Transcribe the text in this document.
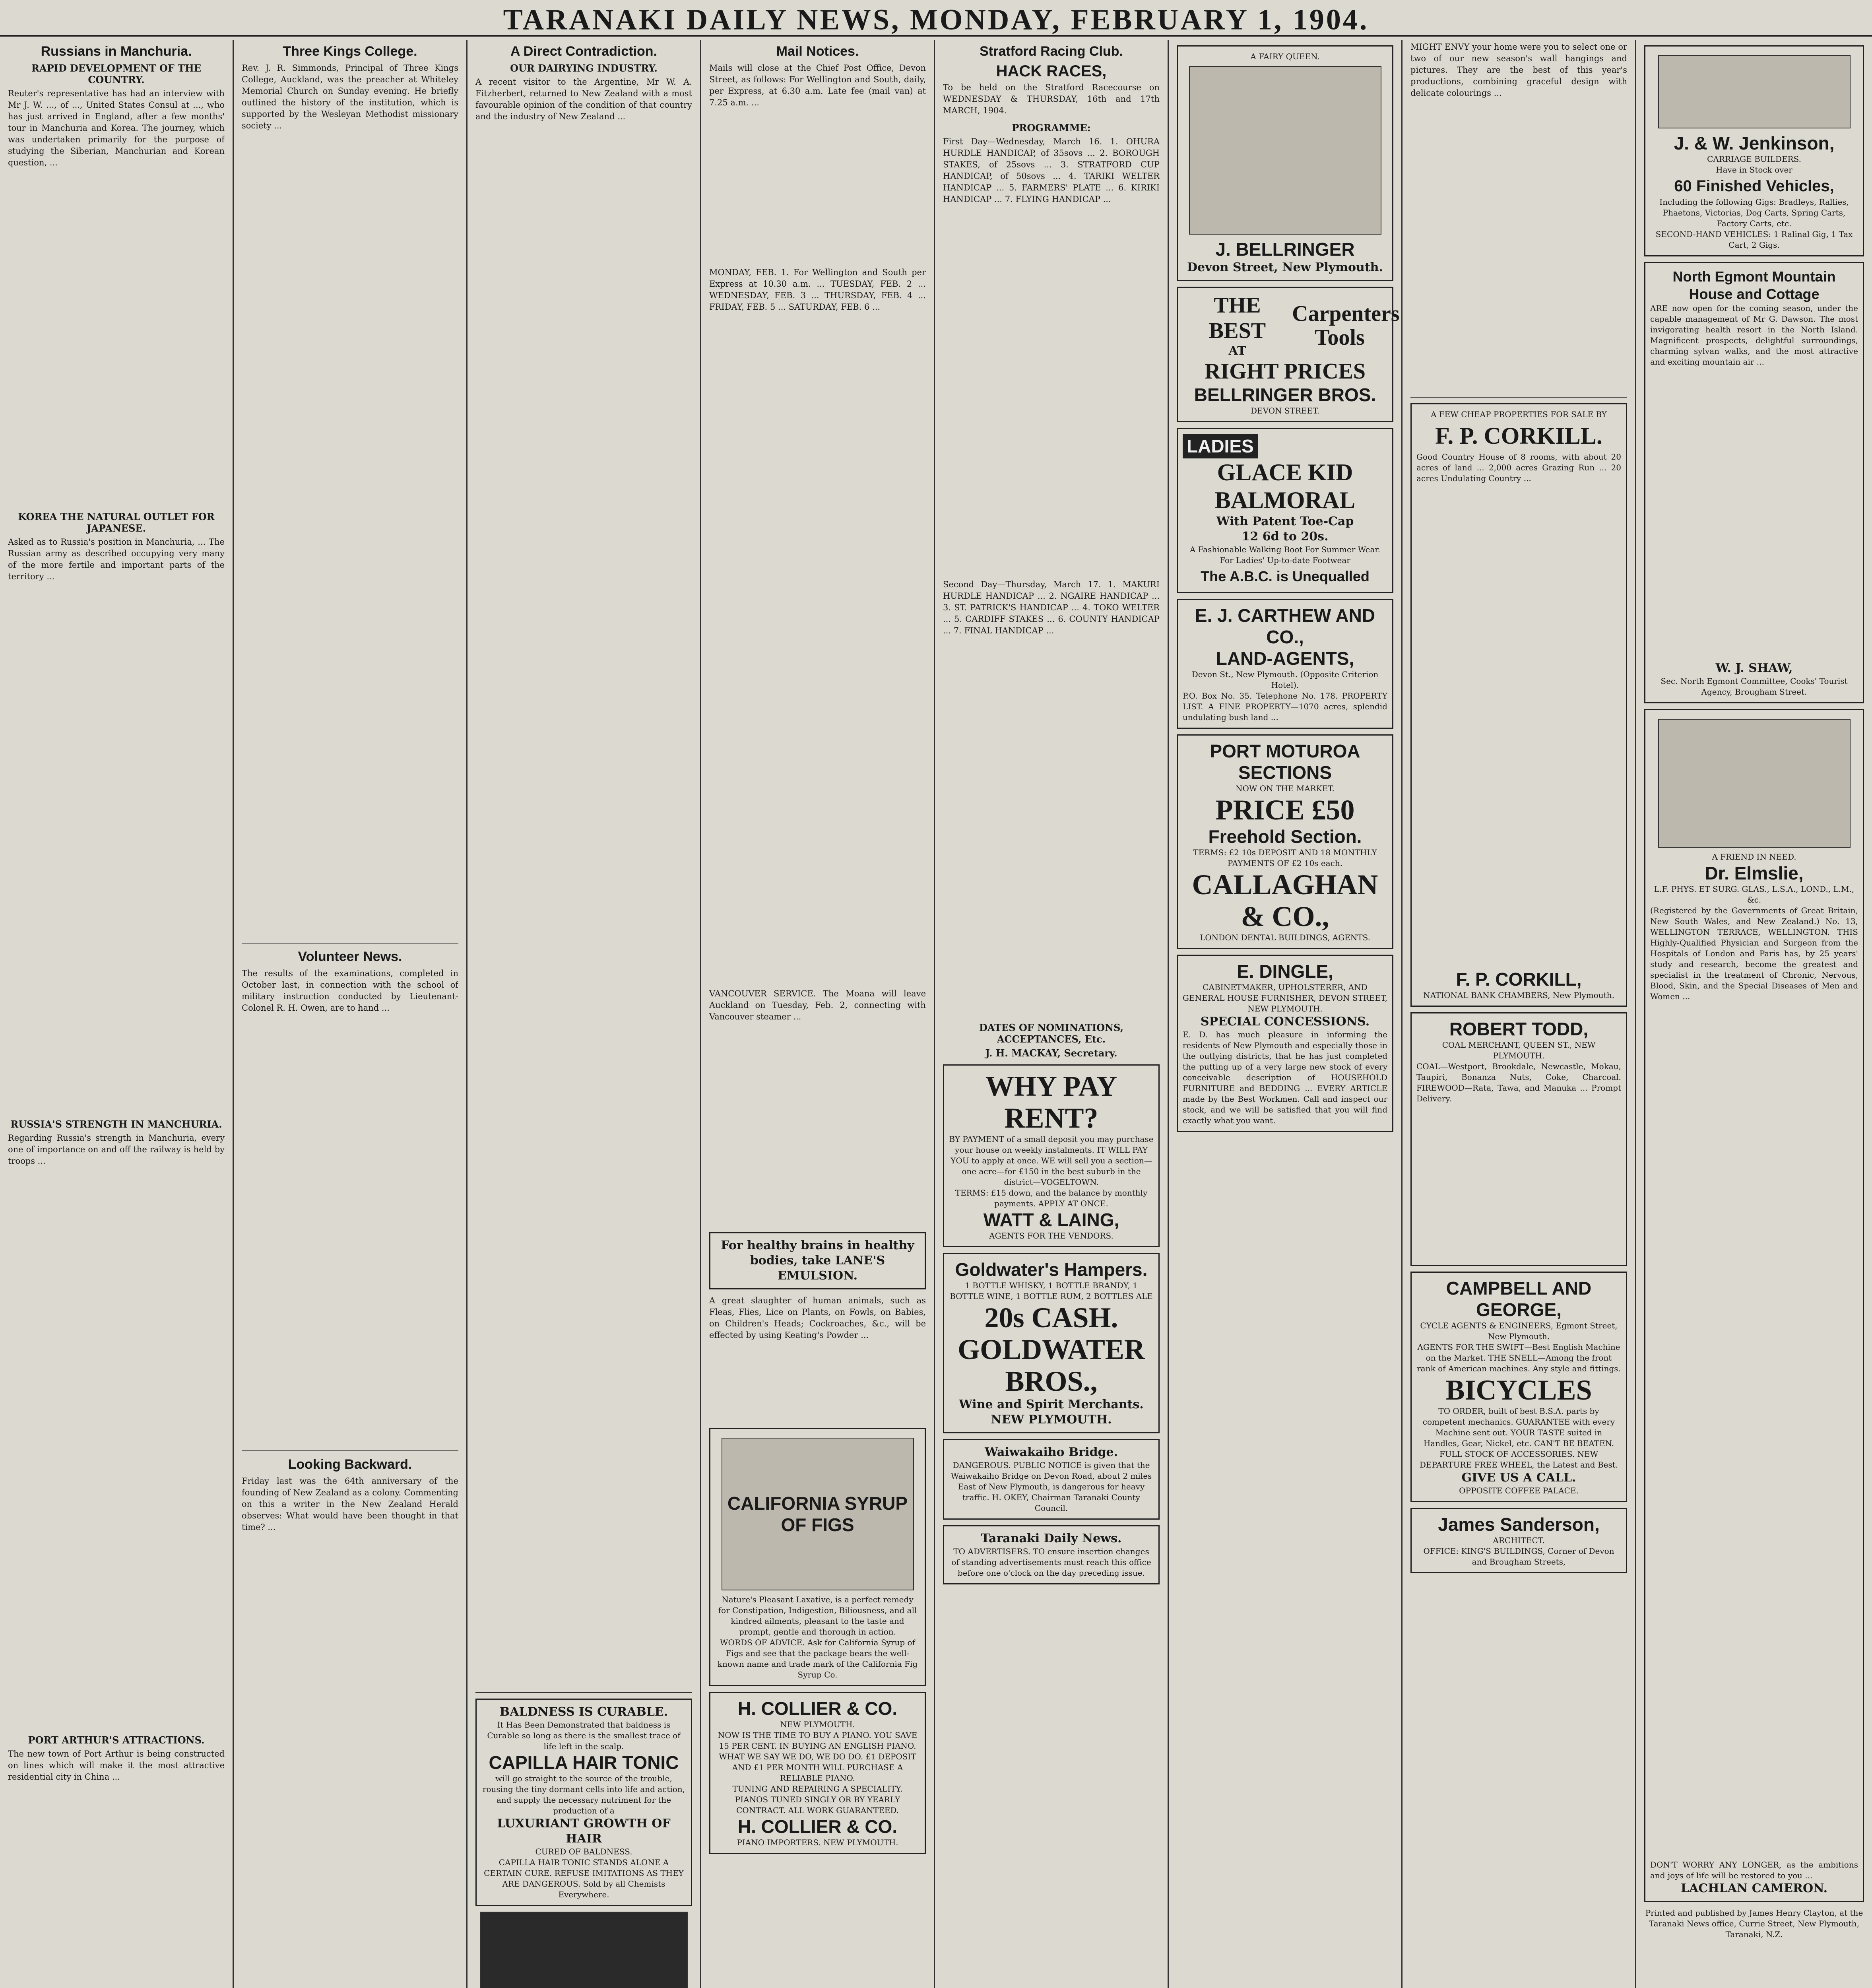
TARANAKI DAILY NEWS, MONDAY, FEBRUARY 1, 1904.
Russians in Manchuria.
RAPID DEVELOPMENT OF THE COUNTRY.
Reuter's representative has had an interview with Mr J. W. ..., of ..., United States Consul at ..., who has just arrived in England, after a few months' tour in Manchuria and Korea. The journey, which was undertaken primarily for the purpose of studying the Siberian, Manchurian and Korean question, ...
KOREA THE NATURAL OUTLET FOR JAPANESE.
Asked as to Russia's position in Manchuria, ... The Russian army as described occupying very many of the more fertile and important parts of the territory ...
RUSSIA'S STRENGTH IN MANCHURIA.
Regarding Russia's strength in Manchuria, every one of importance on and off the railway is held by troops ...
PORT ARTHUR'S ATTRACTIONS.
The new town of Port Arthur is being constructed on lines which will make it the most attractive residential city in China ...
Three Kings College.
Rev. J. R. Simmonds, Principal of Three Kings College, Auckland, was the preacher at Whiteley Memorial Church on Sunday evening. He briefly outlined the history of the institution, which is supported by the Wesleyan Methodist missionary society ...
Volunteer News.
The results of the examinations, completed in October last, in connection with the school of military instruction conducted by Lieutenant-Colonel R. H. Owen, are to hand ...
Looking Backward.
Friday last was the 64th anniversary of the founding of New Zealand as a colony. Commenting on this a writer in the New Zealand Herald observes: What would have been thought in that time? ...
A Direct Contradiction.
OUR DAIRYING INDUSTRY.
A recent visitor to the Argentine, Mr W. A. Fitzherbert, returned to New Zealand with a most favourable opinion of the condition of that country and the industry of New Zealand ...
BALDNESS IS CURABLE.
It Has Been Demonstrated that baldness is Curable so long as there is the smallest trace of life left in the scalp.
CAPILLA HAIR TONIC
will go straight to the source of the trouble, rousing the tiny dormant cells into life and action, and supply the necessary nutriment for the production of a
LUXURIANT GROWTH OF HAIR
CURED OF BALDNESS.
CAPILLA HAIR TONIC STANDS ALONE A CERTAIN CURE. REFUSE IMITATIONS AS THEY ARE DANGEROUS. Sold by all Chemists Everywhere.
Mail Notices.
Mails will close at the Chief Post Office, Devon Street, as follows: For Wellington and South, daily, per Express, at 6.30 a.m. Late fee (mail van) at 7.25 a.m. ...
MONDAY, FEB. 1. For Wellington and South per Express at 10.30 a.m. ... TUESDAY, FEB. 2 ... WEDNESDAY, FEB. 3 ... THURSDAY, FEB. 4 ... FRIDAY, FEB. 5 ... SATURDAY, FEB. 6 ...
VANCOUVER SERVICE. The Moana will leave Auckland on Tuesday, Feb. 2, connecting with Vancouver steamer ...
For healthy brains in healthy bodies, take LANE'S EMULSION.
A great slaughter of human animals, such as Fleas, Flies, Lice on Plants, on Fowls, on Babies, on Children's Heads; Cockroaches, &c., will be effected by using Keating's Powder ...
CALIFORNIA SYRUP OF FIGS
Nature's Pleasant Laxative, is a perfect remedy for Constipation, Indigestion, Biliousness, and all kindred ailments, pleasant to the taste and prompt, gentle and thorough in action.
WORDS OF ADVICE. Ask for California Syrup of Figs and see that the package bears the well-known name and trade mark of the California Fig Syrup Co.
H. COLLIER & CO.
NEW PLYMOUTH.
NOW IS THE TIME TO BUY A PIANO. YOU SAVE 15 PER CENT. IN BUYING AN ENGLISH PIANO.
WHAT WE SAY WE DO, WE DO DO. £1 DEPOSIT AND £1 PER MONTH WILL PURCHASE A RELIABLE PIANO.
TUNING AND REPAIRING A SPECIALITY. PIANOS TUNED SINGLY OR BY YEARLY CONTRACT. ALL WORK GUARANTEED.
H. COLLIER & CO.
PIANO IMPORTERS. NEW PLYMOUTH.
Stratford Racing Club.
HACK RACES,
To be held on the Stratford Racecourse on WEDNESDAY & THURSDAY, 16th and 17th MARCH, 1904.
PROGRAMME:
First Day—Wednesday, March 16. 1. OHURA HURDLE HANDICAP, of 35sovs ... 2. BOROUGH STAKES, of 25sovs ... 3. STRATFORD CUP HANDICAP, of 50sovs ... 4. TARIKI WELTER HANDICAP ... 5. FARMERS' PLATE ... 6. KIRIKI HANDICAP ... 7. FLYING HANDICAP ...
Second Day—Thursday, March 17. 1. MAKURI HURDLE HANDICAP ... 2. NGAIRE HANDICAP ... 3. ST. PATRICK'S HANDICAP ... 4. TOKO WELTER ... 5. CARDIFF STAKES ... 6. COUNTY HANDICAP ... 7. FINAL HANDICAP ...
DATES OF NOMINATIONS, ACCEPTANCES, Etc.
J. H. MACKAY, Secretary.
WHY PAY RENT?
BY PAYMENT of a small deposit you may purchase your house on weekly instalments. IT WILL PAY YOU to apply at once. WE will sell you a section—one acre—for £150 in the best suburb in the district—VOGELTOWN.
TERMS: £15 down, and the balance by monthly payments. APPLY AT ONCE.
WATT & LAING,
AGENTS FOR THE VENDORS.
Goldwater's Hampers.
1 BOTTLE WHISKY, 1 BOTTLE BRANDY, 1 BOTTLE WINE, 1 BOTTLE RUM, 2 BOTTLES ALE
20s CASH.
GOLDWATER BROS.,
Wine and Spirit Merchants. NEW PLYMOUTH.
Waiwakaiho Bridge.
DANGEROUS. PUBLIC NOTICE is given that the Waiwakaiho Bridge on Devon Road, about 2 miles East of New Plymouth, is dangerous for heavy traffic. H. OKEY, Chairman Taranaki County Council.
Taranaki Daily News.
TO ADVERTISERS. TO ensure insertion changes of standing advertisements must reach this office before one o'clock on the day preceding issue.
A FAIRY QUEEN.
J. BELLRINGER
Devon Street, New Plymouth.
THE BEST
AT
Carpenters Tools
RIGHT PRICES
BELLRINGER BROS.
DEVON STREET.
LADIES
GLACE KID BALMORAL
With Patent Toe-Cap
12 6d to 20s.
A Fashionable Walking Boot For Summer Wear.
For Ladies' Up-to-date Footwear
The A.B.C. is Unequalled
E. J. CARTHEW AND CO.,
LAND-AGENTS,
Devon St., New Plymouth. (Opposite Criterion Hotel).
P.O. Box No. 35. Telephone No. 178. PROPERTY LIST. A FINE PROPERTY—1070 acres, splendid undulating bush land ...
PORT MOTUROA SECTIONS
NOW ON THE MARKET.
PRICE £50
Freehold Section.
TERMS: £2 10s DEPOSIT AND 18 MONTHLY PAYMENTS OF £2 10s each.
CALLAGHAN & CO.,
LONDON DENTAL BUILDINGS, AGENTS.
E. DINGLE,
CABINETMAKER, UPHOLSTERER, AND GENERAL HOUSE FURNISHER, DEVON STREET, NEW PLYMOUTH.
SPECIAL CONCESSIONS.
E. D. has much pleasure in informing the residents of New Plymouth and especially those in the outlying districts, that he has just completed the putting up of a very large new stock of every conceivable description of HOUSEHOLD FURNITURE and BEDDING ... EVERY ARTICLE made by the Best Workmen. Call and inspect our stock, and we will be satisfied that you will find exactly what you want.
MIGHT ENVY your home were you to select one or two of our new season's wall hangings and pictures. They are the best of this year's productions, combining graceful design with delicate colourings ...
A FEW CHEAP PROPERTIES FOR SALE BY
F. P. CORKILL.
Good Country House of 8 rooms, with about 20 acres of land ... 2,000 acres Grazing Run ... 20 acres Undulating Country ...
F. P. CORKILL,
NATIONAL BANK CHAMBERS, New Plymouth.
ROBERT TODD,
COAL MERCHANT, QUEEN ST., NEW PLYMOUTH.
COAL—Westport, Brookdale, Newcastle, Mokau, Taupiri, Bonanza Nuts, Coke, Charcoal. FIREWOOD—Rata, Tawa, and Manuka ... Prompt Delivery.
CAMPBELL AND GEORGE,
CYCLE AGENTS & ENGINEERS, Egmont Street, New Plymouth.
AGENTS FOR THE SWIFT—Best English Machine on the Market. THE SNELL—Among the front rank of American machines. Any style and fittings.
BICYCLES
TO ORDER, built of best B.S.A. parts by competent mechanics. GUARANTEE with every Machine sent out. YOUR TASTE suited in Handles, Gear, Nickel, etc. CAN'T BE BEATEN. FULL STOCK OF ACCESSORIES. NEW DEPARTURE FREE WHEEL, the Latest and Best.
GIVE US A CALL.
OPPOSITE COFFEE PALACE.
James Sanderson,
ARCHITECT.
OFFICE: KING'S BUILDINGS, Corner of Devon and Brougham Streets,
J. & W. Jenkinson,
CARRIAGE BUILDERS.
Have in Stock over
60 Finished Vehicles,
Including the following Gigs: Bradleys, Rallies, Phaetons, Victorias, Dog Carts, Spring Carts, Factory Carts, etc.
SECOND-HAND VEHICLES: 1 Ralinal Gig, 1 Tax Cart, 2 Gigs.
North Egmont Mountain House and Cottage
ARE now open for the coming season, under the capable management of Mr G. Dawson. The most invigorating health resort in the North Island. Magnificent prospects, delightful surroundings, charming sylvan walks, and the most attractive and exciting mountain air ...
W. J. SHAW,
Sec. North Egmont Committee, Cooks' Tourist Agency, Brougham Street.
A FRIEND IN NEED.
Dr. Elmslie,
L.F. PHYS. ET SURG. GLAS., L.S.A., LOND., L.M., &c.
(Registered by the Governments of Great Britain, New South Wales, and New Zealand.) No. 13, WELLINGTON TERRACE, WELLINGTON. THIS Highly-Qualified Physician and Surgeon from the Hospitals of London and Paris has, by 25 years' study and research, become the greatest and specialist in the treatment of Chronic, Nervous, Blood, Skin, and the Special Diseases of Men and Women ...
DON'T WORRY ANY LONGER, as the ambitions and joys of life will be restored to you ...
LACHLAN CAMERON.
Printed and published by James Henry Clayton, at the Taranaki News office, Currie Street, New Plymouth, Taranaki, N.Z.
